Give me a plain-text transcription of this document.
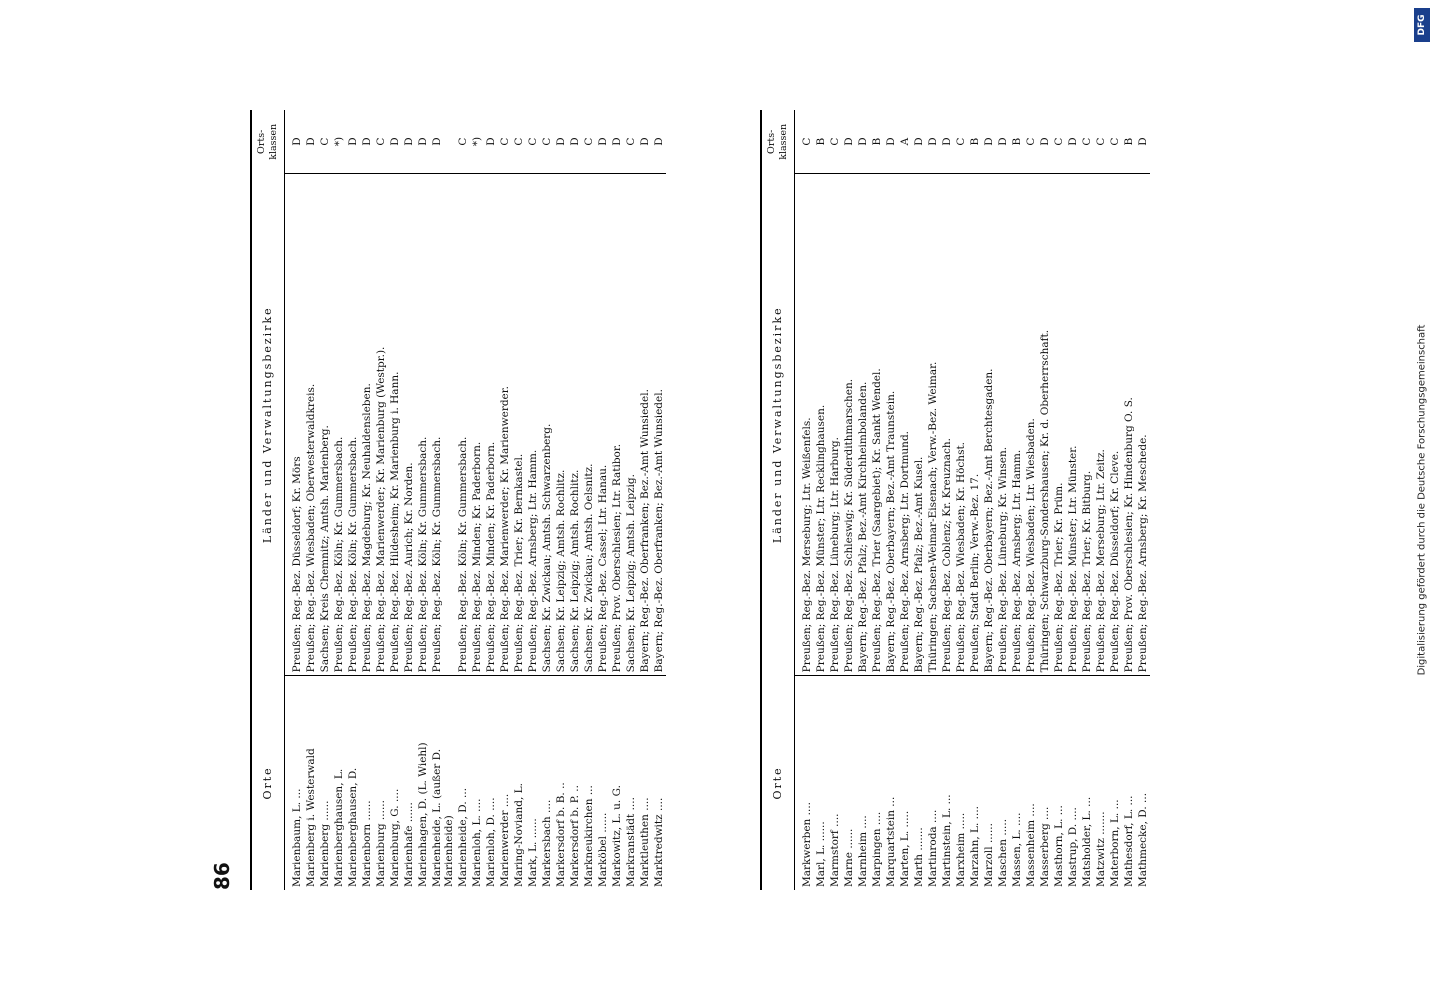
86
Orte	Länder und Verwaltungsbezirke	Orts- klassen
Marienbaum, L. ...	Preußen; Reg.-Bez. Düsseldorf; Kr. Mörs	D
Marienberg i. Westerwald	Preußen; Reg.-Bez. Wiesbaden; Oberwesterwaldkreis.	D
Marienberg ......	Sachsen; Kreis Chemnitz; Amtsh. Marienberg.	C
Marienberghausen, L.	Preußen; Reg.-Bez. Köln; Kr. Gummersbach.	*)
Marienberghausen, D.	Preußen; Reg.-Bez. Köln; Kr. Gummersbach.	D
Marienborn ......	Preußen; Reg.-Bez. Magdeburg; Kr. Neuhaldensleben.	D
Marienburg ......	Preußen; Reg.-Bez. Marienwerder; Kr. Marienburg (Westpr.).	C
Marienburg, G. ....	Preußen; Reg.-Bez. Hildesheim; Kr. Marienburg i. Hann.	D
Marienhafe ......	Preußen; Reg.-Bez. Aurich; Kr. Norden.	D
Marienhagen, D. (L. Wiehl)	Preußen; Reg.-Bez. Köln; Kr. Gummersbach.	D
Marienheide, L. (außer D. Marienheide)	Preußen; Reg.-Bez. Köln; Kr. Gummersbach.	D
Marienheide, D. ...	Preußen; Reg.-Bez. Köln; Kr. Gummersbach.	C
Marienloh, L. ....	Preußen; Reg.-Bez. Minden; Kr. Paderborn.	*)
Marienloh, D. ....	Preußen; Reg.-Bez. Minden; Kr. Paderborn.	D
Marienwerder ....	Preußen; Reg.-Bez. Marienwerder; Kr. Marienwerder.	C
Maring-Noviand, L.	Preußen; Reg.-Bez. Trier; Kr. Bernkastel.	C
Mark, L. ......	Preußen; Reg.-Bez. Arnsberg; Ltr. Hamm.	C
Markersbach ....	Sachsen; Kr. Zwickau; Amtsh. Schwarzenberg.	C
Markersdorf b. B. ..	Sachsen; Kr. Leipzig; Amtsh. Rochlitz.	D
Markersdorf b. P. ..	Sachsen; Kr. Leipzig; Amtsh. Rochlitz.	D
Markneukirchen ...	Sachsen; Kr. Zwickau; Amtsh. Oelsnitz.	C
Marköbel ......	Preußen; Reg.-Bez. Cassel; Ltr. Hanau.	D
Markowitz, L. u. G.	Preußen; Prov. Oberschlesien; Ltr. Ratibor.	D
Markranstädt ....	Sachsen; Kr. Leipzig; Amtsh. Leipzig.	C
Marktleuthen ....	Bayern; Reg.-Bez. Oberfranken; Bez.-Amt Wunsiedel.	D
Marktredwitz ....	Bayern; Reg.-Bez. Oberfranken; Bez.-Amt Wunsiedel.	D
Orte	Länder und Verwaltungsbezirke	Orts- klassen
Markwerben ....	Preußen; Reg.-Bez. Merseburg; Ltr. Weißenfels.	C
Marl, L. ......	Preußen; Reg.-Bez. Münster; Ltr. Recklinghausen.	B
Marmstorf ....	Preußen; Reg.-Bez. Lüneburg; Ltr. Harburg.	C
Marne ......	Preußen; Reg.-Bez. Schleswig; Kr. Süderdithmarschen.	D
Marnheim ....	Bayern; Reg.-Bez. Pfalz; Bez.-Amt Kirchheimbolanden.	D
Marpingen ....	Preußen; Reg.-Bez. Trier (Saargebiet); Kr. Sankt Wendel.	B
Marquartstein ...	Bayern; Reg.-Bez. Oberbayern; Bez.-Amt Traunstein.	D
Marten, L. .....	Preußen; Reg.-Bez. Arnsberg; Ltr. Dortmund.	A
Marth .......	Bayern; Reg.-Bez. Pfalz; Bez.-Amt Kusel.	D
Martinroda ....	Thüringen; Sachsen-Weimar-Eisenach; Verw.-Bez. Weimar.	D
Martinstein, L. ...	Preußen; Reg.-Bez. Coblenz; Kr. Kreuznach.	D
Marxheim .....	Preußen; Reg.-Bez. Wiesbaden; Kr. Höchst.	C
Marzahn, L. ....	Preußen; Stadt Berlin; Verw.-Bez. 17.	B
Marzoll ......	Bayern; Reg.-Bez. Oberbayern; Bez.-Amt Berchtesgaden.	D
Maschen .....	Preußen; Reg.-Bez. Lüneburg; Kr. Winsen.	D
Massen, L. ....	Preußen; Reg.-Bez. Arnsberg; Ltr. Hamm.	B
Massenheim ....	Preußen; Reg.-Bez. Wiesbaden; Ltr. Wiesbaden.	C
Masserberg ....	Thüringen; Schwarzburg-Sondershausen; Kr. d. Oberherrschaft.	D
Masthorn, L. ...	Preußen; Reg.-Bez. Trier; Kr. Prüm.	C
Mastrup, D. ....	Preußen; Reg.-Bez. Münster; Ltr. Münster.	D
Matsholder, L. ...	Preußen; Reg.-Bez. Trier; Kr. Bitburg.	C
Matzwitz .......	Preußen; Reg.-Bez. Merseburg; Ltr. Zeitz.	C
Materborn, L. ...	Preußen; Reg.-Bez. Düsseldorf; Kr. Cleve.	C
Mathesdorf, L. ...	Preußen; Prov. Oberschlesien; Kr. Hindenburg O. S.	B
Mathmecke, D. ...	Preußen; Reg.-Bez. Arnsberg; Kr. Meschede.	D
DFG
Digitalisierung gefördert durch die Deutsche Forschungsgemeinschaft
